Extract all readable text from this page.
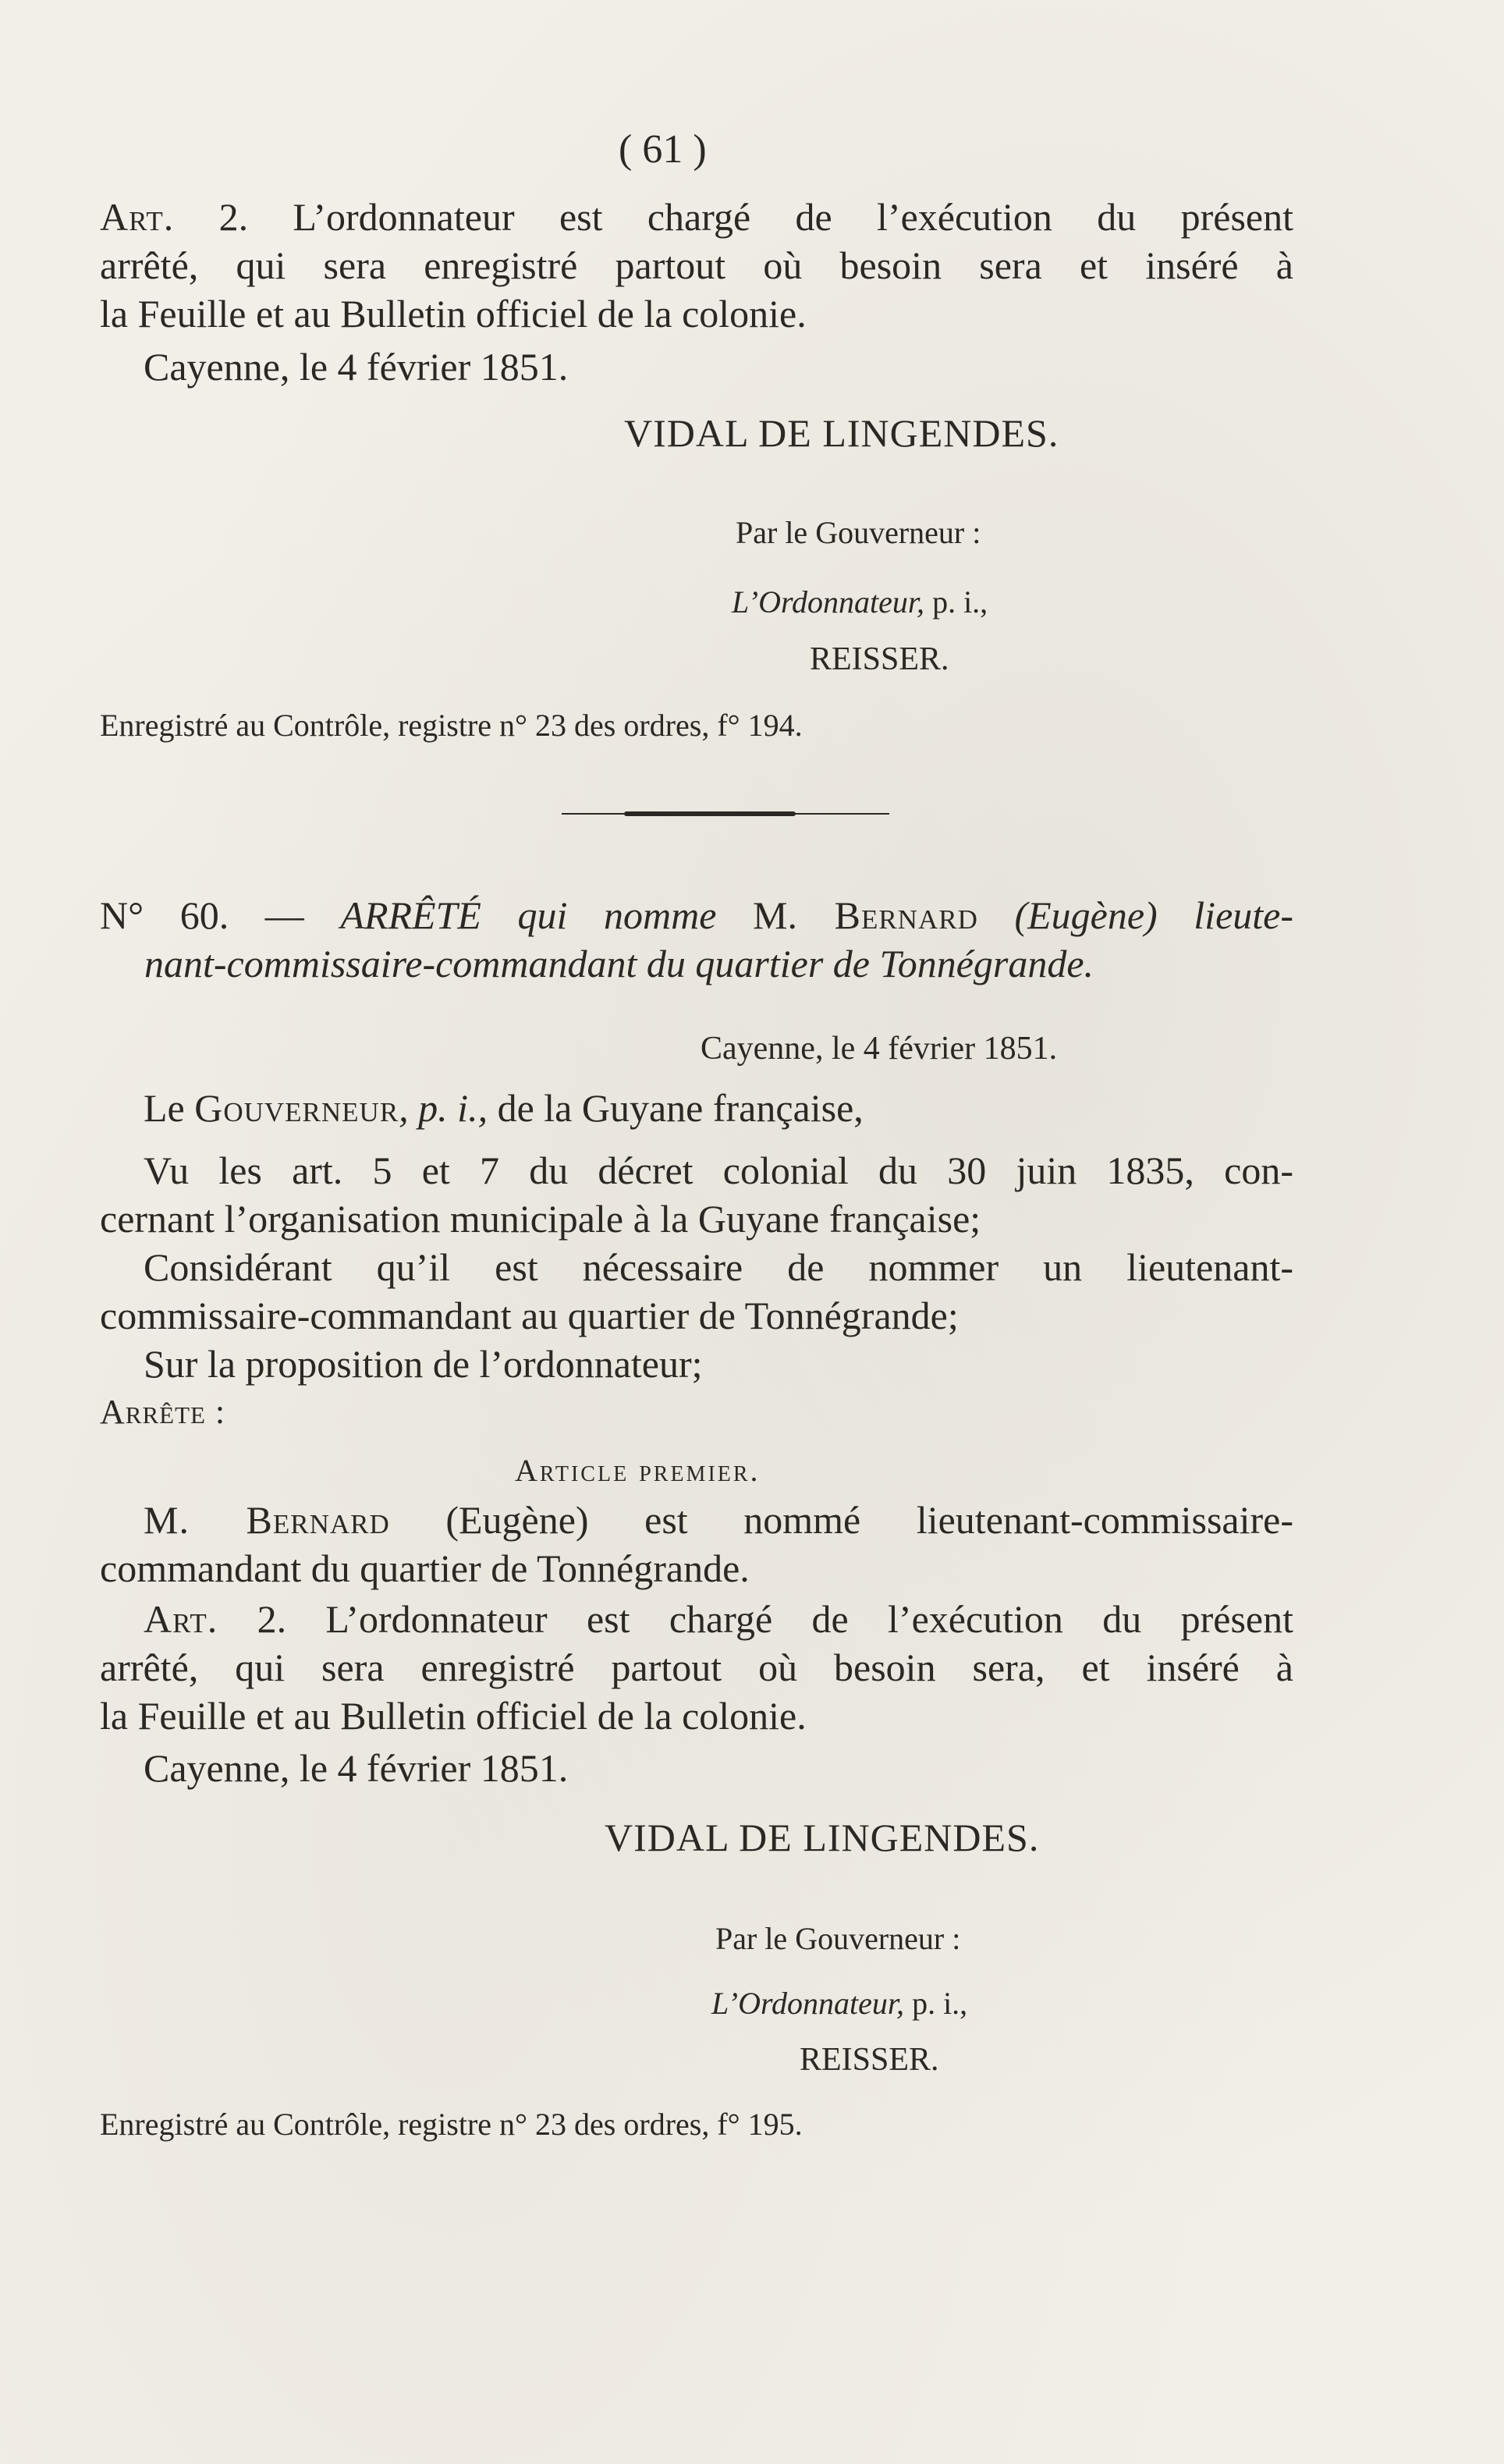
( 61 )
Art. 2. L’ordonnateur est chargé de l’exécution du présent
arrêté, qui sera enregistré partout où besoin sera et inséré à
la Feuille et au Bulletin officiel de la colonie.
Cayenne, le 4 février 1851.
VIDAL DE LINGENDES.
Par le Gouverneur :
L’Ordonnateur, p. i.,
REISSER.
Enregistré au Contrôle, registre n° 23 des ordres, f° 194.
N° 60. — ARRÊTÉ qui nomme M. Bernard (Eugène) lieute-
nant-commissaire-commandant du quartier de Tonnégrande.
Cayenne, le 4 février 1851.
Le Gouverneur, p. i., de la Guyane française,
Vu les art. 5 et 7 du décret colonial du 30 juin 1835, con-
cernant l’organisation municipale à la Guyane française;
Considérant qu’il est nécessaire de nommer un lieutenant-
commissaire-commandant au quartier de Tonnégrande;
Sur la proposition de l’ordonnateur;
Arrête :
Article premier.
M. Bernard (Eugène) est nommé lieutenant-commissaire-
commandant du quartier de Tonnégrande.
Art. 2. L’ordonnateur est chargé de l’exécution du présent
arrêté, qui sera enregistré partout où besoin sera, et inséré à
la Feuille et au Bulletin officiel de la colonie.
Cayenne, le 4 février 1851.
VIDAL DE LINGENDES.
Par le Gouverneur :
L’Ordonnateur, p. i.,
REISSER.
Enregistré au Contrôle, registre n° 23 des ordres, f° 195.
